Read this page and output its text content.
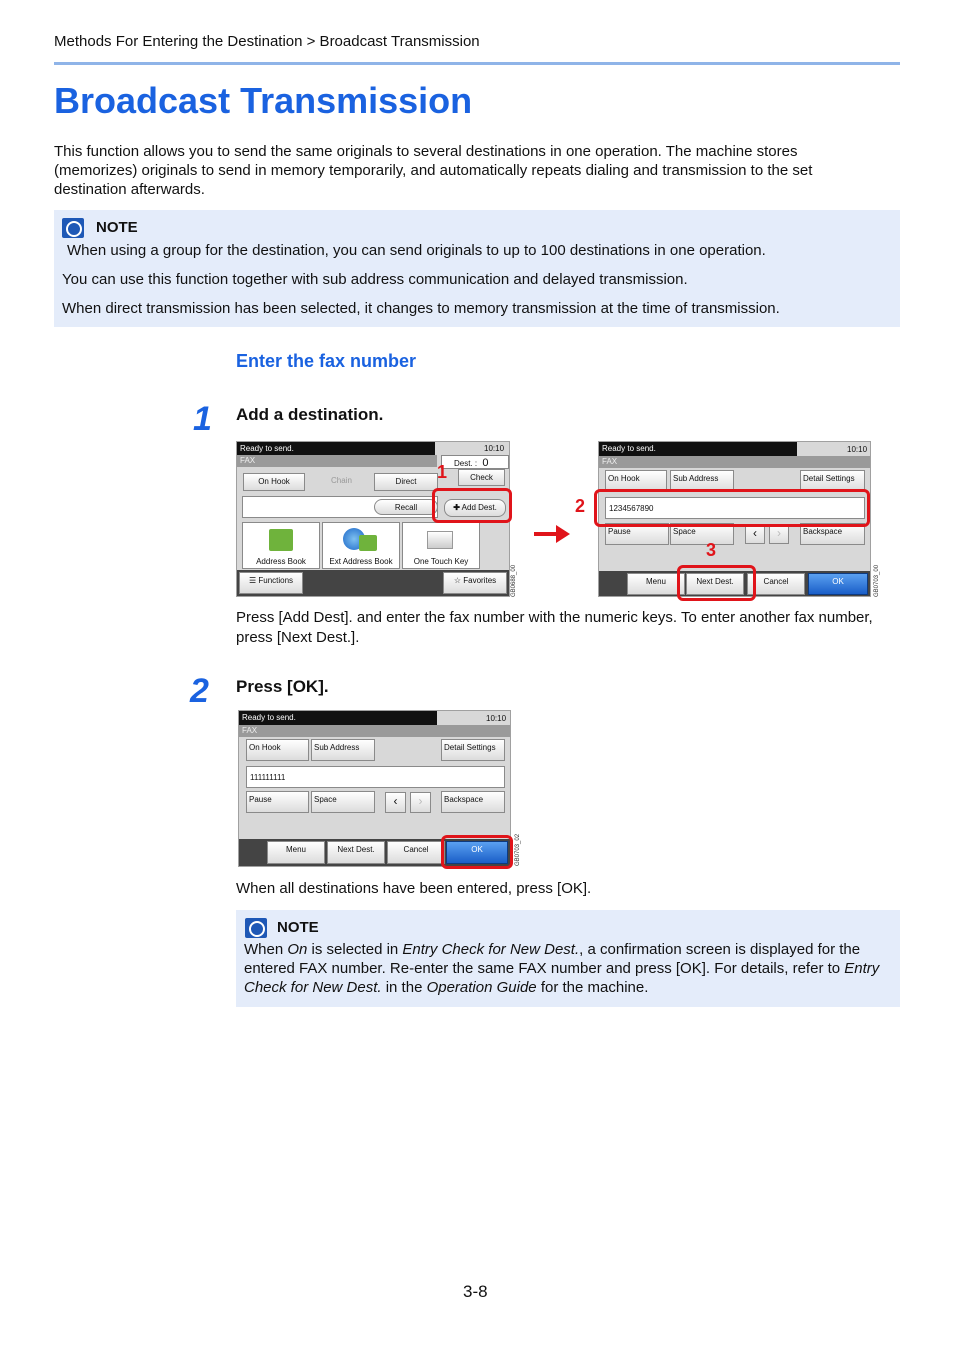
Methods For Entering the Destination > Broadcast Transmission
Broadcast Transmission
This function allows you to send the same originals to several destinations in one operation. The machine stores (memorizes) originals to send in memory temporarily, and automatically repeats dialing and transmission to the set destination afterwards.
NOTE
When using a group for the destination, you can send originals to up to 100 destinations in one operation.
You can use this function together with sub address communication and delayed transmission.
When direct transmission has been selected, it changes to memory transmission at the time of transmission.
Enter the fax number
1 Add a destination.
Ready to send.	10:10
FAX	Dest. : 0
Check
On Hook	Chain	Direct
Recall	✚ Add Dest.
Address Book	Ext Address Book	One Touch Key
☰ Functions	☆ Favorites	GB0688_00
1
Ready to send.	10:10
FAX
On Hook	Sub Address	Detail Settings
1234567890
Pause	Space	‹	›	Backspace
Menu	Next Dest.	Cancel	OK	GB0703_00
2
3
Press [Add Dest]. and enter the fax number with the numeric keys. To enter another fax number, press [Next Dest.].
2 Press [OK].
Ready to send.	10:10
FAX
On Hook	Sub Address	Detail Settings
111111111
Pause	Space	‹	›	Backspace
Menu	Next Dest.	Cancel	OK	GB0703_02
When all destinations have been entered, press [OK].
NOTE
When On is selected in Entry Check for New Dest., a confirmation screen is displayed for the entered FAX number. Re-enter the same FAX number and press [OK]. For details, refer to Entry Check for New Dest. in the Operation Guide for the machine.
3-8
